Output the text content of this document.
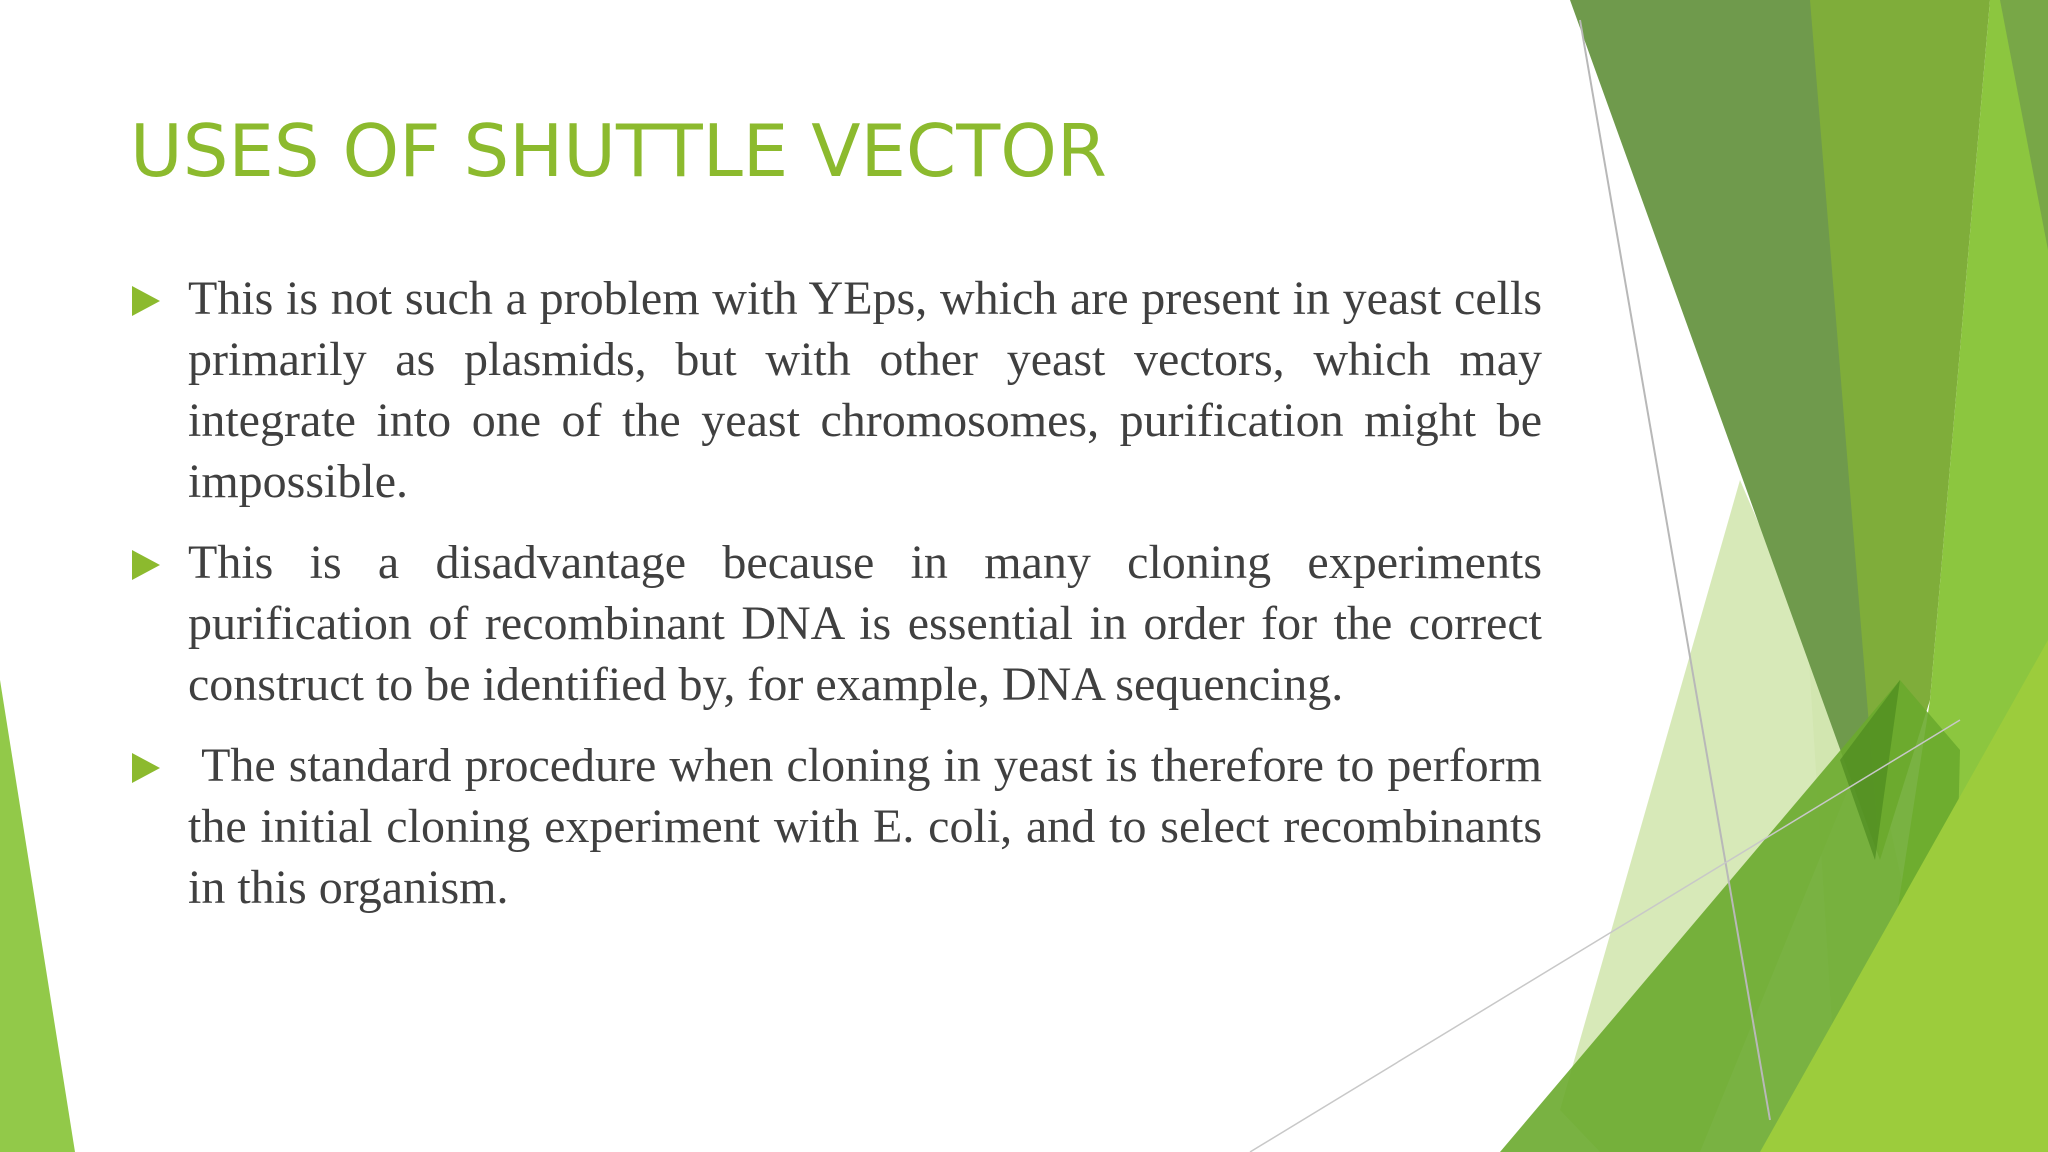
USES OF SHUTTLE VECTOR

This is not such a problem with YEps, which are present in yeast cells primarily as plasmids, but with other yeast vectors, which may integrate into one of the yeast chromosomes, purification might be impossible.

This is a disadvantage because in many cloning experiments purification of recombinant DNA is essential in order for the correct construct to be identified by, for example, DNA sequencing.

The standard procedure when cloning in yeast is therefore to perform the initial cloning experiment with E. coli, and to select recombinants in this organism.
